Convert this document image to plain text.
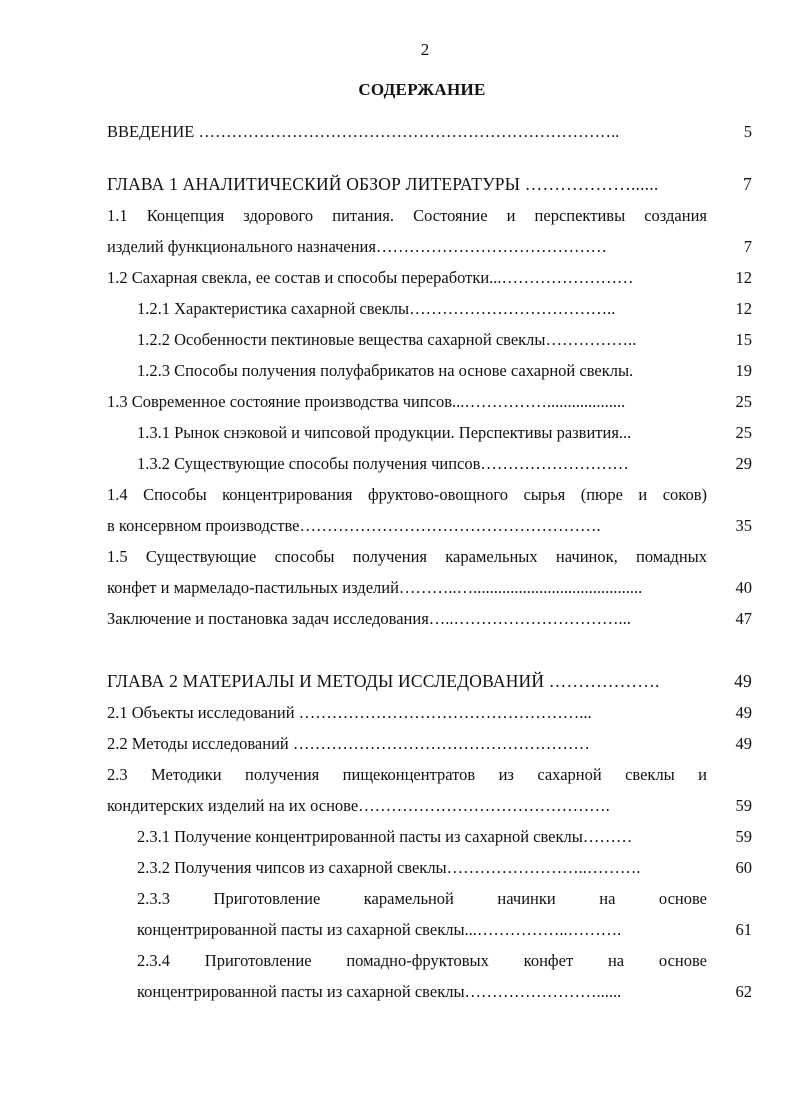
2
СОДЕРЖАНИЕ
ВВЕДЕНИЕ …………………………………………………………………..	5
ГЛАВА 1 АНАЛИТИЧЕСКИЙ ОБЗОР ЛИТЕРАТУРЫ ………………......	7
1.1 Концепция здорового питания. Состояние и перспективы создания
изделий функционального назначения……………………………………	7
1.2 Сахарная свекла, ее состав и способы переработки...……………………	12
1.2.1 Характеристика сахарной свеклы………………………………..	12
1.2.2 Особенности пектиновые вещества сахарной свеклы……………..	15
1.2.3 Способы получения полуфабрикатов на основе сахарной свеклы.	19
1.3 Современное состояние производства чипсов...……………...................	25
1.3.1 Рынок снэковой и чипсовой продукции. Перспективы развития...	25
1.3.2 Существующие способы получения чипсов………………………	29
1.4 Способы концентрирования фруктово-овощного сырья (пюре и соков)
в консервном производстве……………………………………………….	35
1.5 Существующие способы получения карамельных начинок, помадных
конфет и мармеладо-пастильных изделий………..….........................................	40
Заключение и постановка задач исследования…..…………………………...	47
ГЛАВА 2 МАТЕРИАЛЫ И МЕТОДЫ ИССЛЕДОВАНИЙ ……………….	49
2.1 Объекты исследований ……………………………………………...	49
2.2 Методы исследований ………………………………………………	49
2.3 Методики получения пищеконцентратов из сахарной свеклы и
кондитерских изделий на их основе……………………………………….	59
2.3.1 Получение концентрированной пасты из сахарной свеклы………	59
2.3.2 Получения чипсов из сахарной свеклы……………………..……….	60
2.3.3 Приготовление карамельной начинки на основе
концентрированной пасты из сахарной свеклы...……………..……….	61
2.3.4 Приготовление помадно-фруктовых конфет на основе
концентрированной пасты из сахарной свеклы……………………......	62
